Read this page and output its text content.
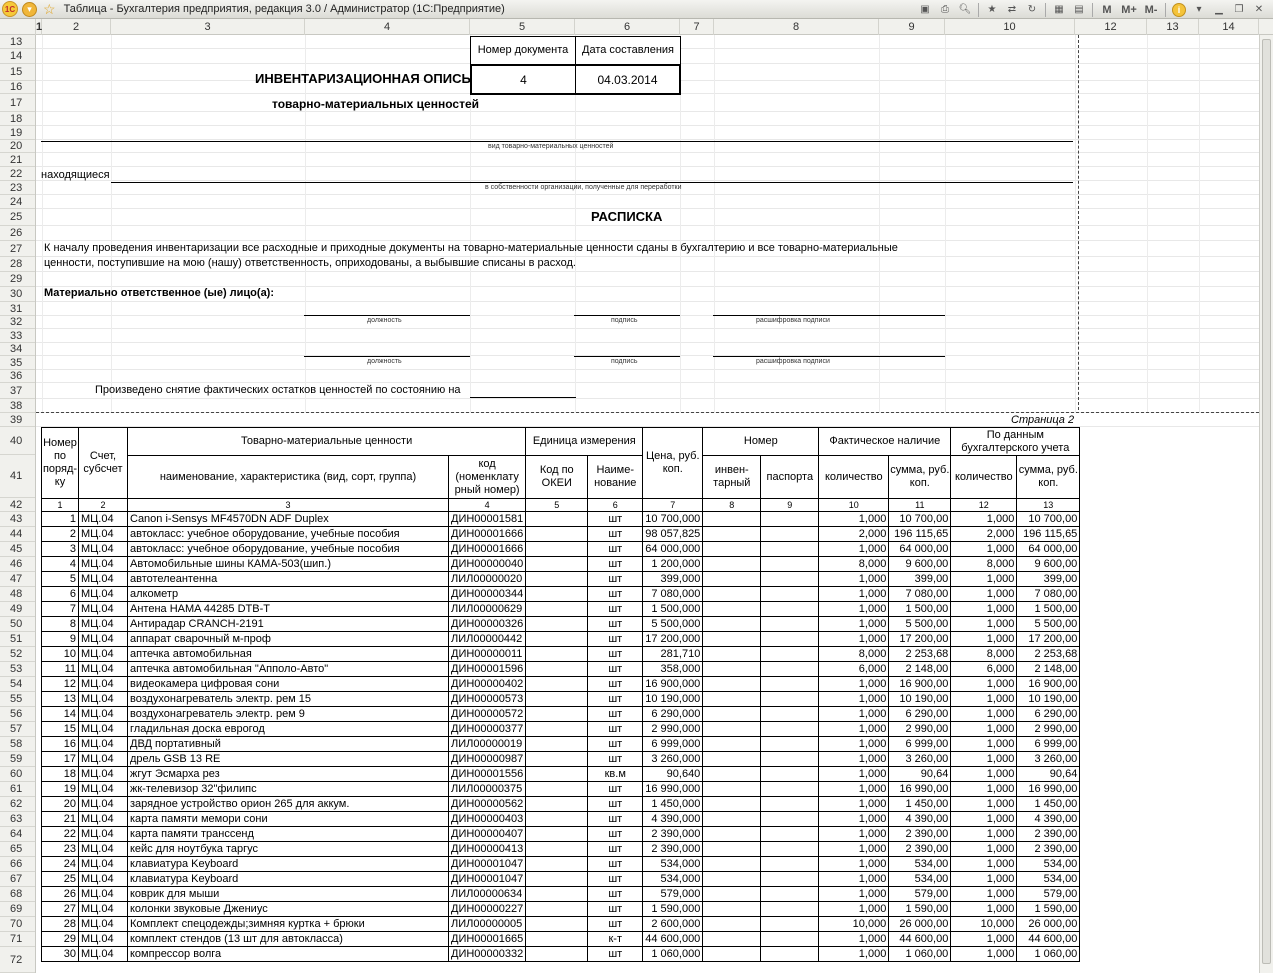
1С	▾ ☆ Таблица - Бухгалтерия предприятия, редакция 3.0 / Администратор (1С:Предприятие)	▣	⎙ 🔍︎	★	⇄	↻	▦	▤	M M+ M-	i	▾	▁	❐	✕
1	2	3	4	5	6	7	8	9	10	12	13	14
13
14
15
16
17
18
19
20
21
22
23
24
25
26
27
28
29
30
31
32
33
34
35
36
37
38
39
40
41
42
43
44
45
46
47
48
49
50
51
52
53
54
55
56
57
58
59
60
61
62
63
64
65
66
67
68
69
70
71
72
Номер документа	Дата составления
4	04.03.2014
ИНВЕНТАРИЗАЦИОННАЯ ОПИСЬ
товарно-материальных ценностей
вид товарно-материальных ценностей
находящиеся
в собственности организации, полученные для переработки
РАСПИСКА
К началу проведения инвентаризации все расходные и приходные документы на товарно-материальные ценности сданы в бухгалтерию и все товарно-материальные
ценности, поступившие на мою (нашу) ответственность, оприходованы, а выбывшие списаны в расход.
Материально ответственное (ые) лицо(а):
должность	подпись	расшифровка подписи
должность	подпись	расшифровка подписи
Произведено снятие фактических остатков ценностей по состоянию на
Страница 2
Номер по поряд-ку	Счет, субсчет	Товарно-материальные ценности		Единица измерения		Цена, руб. коп.	Номер		Фактическое наличие		По данным бухгалтерского учета	
		наименование, характеристика (вид, сорт, группа)	код (номенклату рный номер)	Код по ОКЕИ	Наиме-нование		инвен-тарный	паспорта	количество	сумма, руб. коп.	количество	сумма, руб. коп.
1	2	3	4	5	6	7	8	9	10	11	12	13
1	МЦ.04	Canon i-Sensys MF4570DN ADF Duplex	ДИН00001581		шт	10 700,000			1,000	10 700,00	1,000	10 700,00
2	МЦ.04	автокласс: учебное оборудование, учебные пособия	ДИН00001666		шт	98 057,825			2,000	196 115,65	2,000	196 115,65
3	МЦ.04	автокласс: учебное оборудование, учебные пособия	ДИН00001666		шт	64 000,000			1,000	64 000,00	1,000	64 000,00
4	МЦ.04	Автомобильные шины КАМА-503(шип.)	ДИН00000040		шт	1 200,000			8,000	9 600,00	8,000	9 600,00
5	МЦ.04	автотелеантенна	ЛИЛ00000020		шт	399,000			1,000	399,00	1,000	399,00
6	МЦ.04	алкометр	ДИН00000344		шт	7 080,000			1,000	7 080,00	1,000	7 080,00
7	МЦ.04	Антена HAMA 44285 DTB-T	ЛИЛ00000629		шт	1 500,000			1,000	1 500,00	1,000	1 500,00
8	МЦ.04	Антирадар CRANCH-2191	ДИН00000326		шт	5 500,000			1,000	5 500,00	1,000	5 500,00
9	МЦ.04	аппарат сварочный м-проф	ЛИЛ00000442		шт	17 200,000			1,000	17 200,00	1,000	17 200,00
10	МЦ.04	аптечка автомобильная	ДИН00000011		шт	281,710			8,000	2 253,68	8,000	2 253,68
11	МЦ.04	аптечка автомобильная "Апполо-Авто"	ДИН00001596		шт	358,000			6,000	2 148,00	6,000	2 148,00
12	МЦ.04	видеокамера цифровая сони	ДИН00000402		шт	16 900,000			1,000	16 900,00	1,000	16 900,00
13	МЦ.04	воздухонагреватель электр. рем 15	ДИН00000573		шт	10 190,000			1,000	10 190,00	1,000	10 190,00
14	МЦ.04	воздухонагреватель электр. рем 9	ДИН00000572		шт	6 290,000			1,000	6 290,00	1,000	6 290,00
15	МЦ.04	гладильная доска еврогод	ДИН00000377		шт	2 990,000			1,000	2 990,00	1,000	2 990,00
16	МЦ.04	ДВД портативный	ЛИЛ00000019		шт	6 999,000			1,000	6 999,00	1,000	6 999,00
17	МЦ.04	дрель GSB 13 RE	ДИН00000987		шт	3 260,000			1,000	3 260,00	1,000	3 260,00
18	МЦ.04	жгут Эсмарха рез	ДИН00001556		кв.м	90,640			1,000	90,64	1,000	90,64
19	МЦ.04	жк-телевизор 32"филипс	ЛИЛ00000375		шт	16 990,000			1,000	16 990,00	1,000	16 990,00
20	МЦ.04	зарядное устройство орион 265 для аккум.	ДИН00000562		шт	1 450,000			1,000	1 450,00	1,000	1 450,00
21	МЦ.04	карта памяти мемори сони	ДИН00000403		шт	4 390,000			1,000	4 390,00	1,000	4 390,00
22	МЦ.04	карта памяти трансcенд	ДИН00000407		шт	2 390,000			1,000	2 390,00	1,000	2 390,00
23	МЦ.04	кейс для ноутбука таргус	ДИН00000413		шт	2 390,000			1,000	2 390,00	1,000	2 390,00
24	МЦ.04	клавиатура Keyboard	ДИН00001047		шт	534,000			1,000	534,00	1,000	534,00
25	МЦ.04	клавиатура Keyboard	ДИН00001047		шт	534,000			1,000	534,00	1,000	534,00
26	МЦ.04	коврик для мыши	ЛИЛ00000634		шт	579,000			1,000	579,00	1,000	579,00
27	МЦ.04	колонки звуковые Джениус	ДИН00000227		шт	1 590,000			1,000	1 590,00	1,000	1 590,00
28	МЦ.04	Комплект спецодежды;зимняя куртка + брюки	ЛИЛ00000005		шт	2 600,000			10,000	26 000,00	10,000	26 000,00
29	МЦ.04	комплект стендов (13 шт для автокласса)	ДИН00001665		к-т	44 600,000			1,000	44 600,00	1,000	44 600,00
30	МЦ.04	компрессор волга	ДИН00000332		шт	1 060,000			1,000	1 060,00	1,000	1 060,00
